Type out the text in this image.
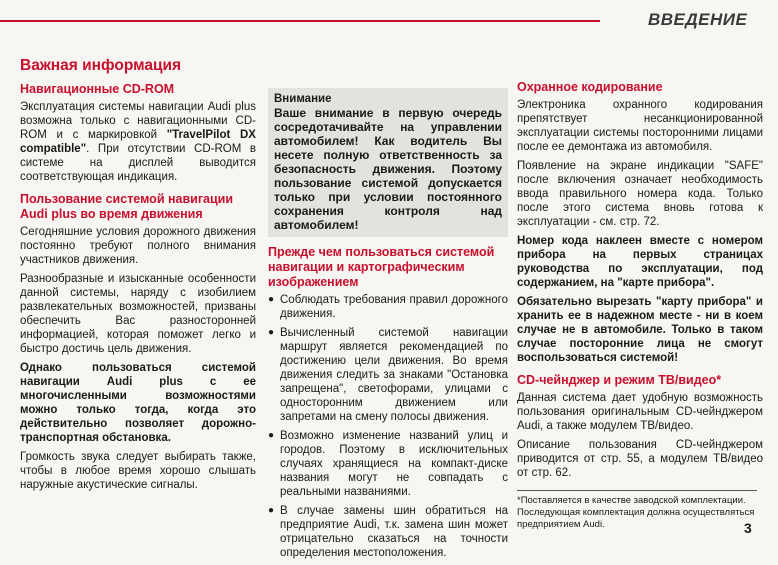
ВВЕДЕНИЕ
Важная информация
Навигационные CD-ROM

Эксплуатация системы навигации Audi plus возможна только с навигационными CD-ROM и с маркировкой "TravelPilot DX compatible". При отсутствии CD-ROM в системе на дисплей выводится соответствующая индикация.

Пользование системой навигации Audi plus во время движения

Сегодняшние условия дорожного движения постоянно требуют полного внимания участников движения.

Разнообразные и изысканные особенности данной системы, наряду с изобилием развлекательных возможностей, призваны обеспечить Вас разносторонней информацией, которая поможет легко и быстро достичь цель движения.

Однако пользоваться системой навигации Audi plus с ее многочисленными возможностями можно только тогда, когда это действительно позволяет дорожно-транспортная обстановка.

Громкость звука следует выбирать также, чтобы в любое время хорошо слышать наружные акустические сигналы.

Внимание
Ваше внимание в первую очередь сосредотачивайте на управлении автомобилем! Как водитель Вы несете полную ответственность за безопасность движения. Поэтому пользование системой допускается только при условии постоянного сохранения контроля над автомобилем!
Прежде чем пользоваться системой навигации и картографическим изображением
● Соблюдать требования правил дорожного движения.
● Вычисленный системой навигации маршрут является рекомендацией по достижению цели движения. Во время движения следить за знаками "Остановка запрещена", светофорами, улицами с односторонним движением или запретами на смену полосы движения.
● Возможно изменение названий улиц и городов. Поэтому в исключительных случаях хранящиеся на компакт-диске названия могут не совпадать с реальными названиями.
● В случае замены шин обратиться на предприятие Audi, т.к. замена шин может отрицательно сказаться на точности определения местоположения.
Охранное кодирование

Электроника охранного кодирования препятствует несанкционированной эксплуатации системы посторонними лицами после ее демонтажа из автомобиля.

Появление на экране индикации "SAFE" после включения означает необходимость ввода правильного номера кода. Только после этого система вновь готова к эксплуатации - см. стр. 72.

Номер кода наклеен вместе с номером прибора на первых страницах руководства по эксплуатации, под содержанием, на "карте прибора".

Обязательно вырезать "карту прибора" и хранить ее в надежном месте - ни в коем случае не в автомобиле. Только в таком случае посторонние лица не смогут воспользоваться системой!

CD-чейнджер и режим ТВ/видео*

Данная система дает удобную возможность пользования оригинальным CD-чейнджером Audi, а также модулем ТВ/видео.

Описание пользования CD-чейнджером приводится от стр. 55, а модулем ТВ/видео от стр. 62.

*Поставляется в качестве заводской комплектации. Последующая комплектация должна осуществляться предприятием Audi.	3
